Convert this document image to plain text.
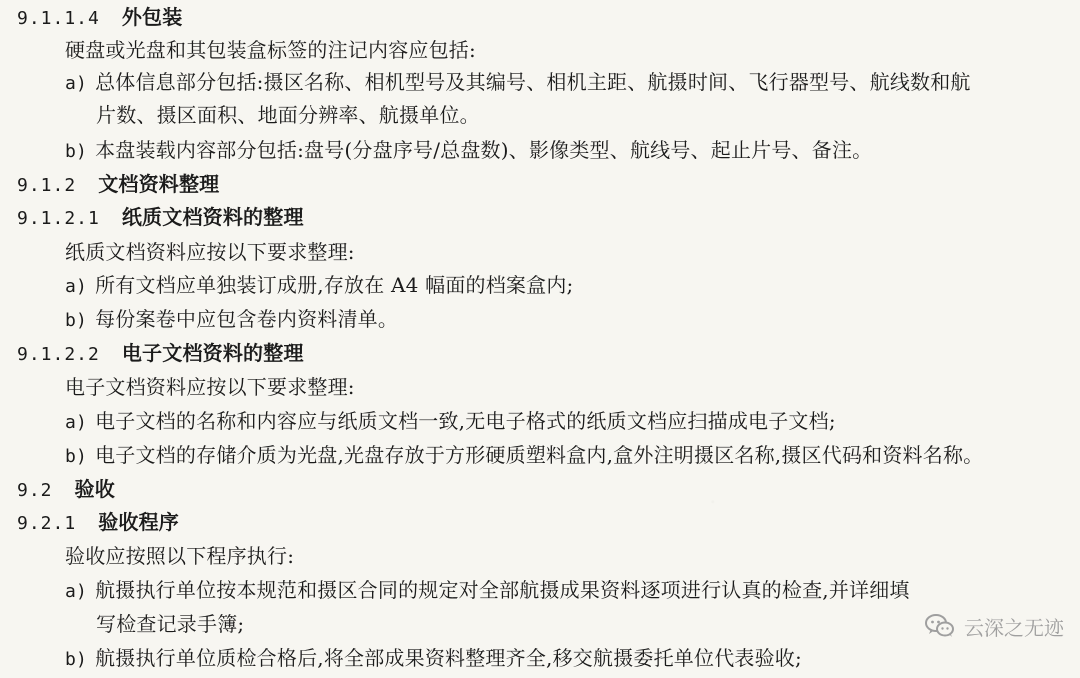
9.1.1.4 外包装
硬盘或光盘和其包装盒标签的注记内容应包括:
a) 总体信息部分包括:摄区名称、相机型号及其编号、相机主距、航摄时间、飞行器型号、航线数和航
片数、摄区面积、地面分辨率、航摄单位。
b) 本盘装载内容部分包括:盘号(分盘序号/总盘数)、影像类型、航线号、起止片号、备注。
9.1.2 文档资料整理
9.1.2.1 纸质文档资料的整理
纸质文档资料应按以下要求整理:
a) 所有文档应单独装订成册,存放在 A4 幅面的档案盒内;
b) 每份案卷中应包含卷内资料清单。
9.1.2.2 电子文档资料的整理
电子文档资料应按以下要求整理:
a) 电子文档的名称和内容应与纸质文档一致,无电子格式的纸质文档应扫描成电子文档;
b) 电子文档的存储介质为光盘,光盘存放于方形硬质塑料盒内,盒外注明摄区名称,摄区代码和资料名称。
9.2 验收
9.2.1 验收程序
验收应按照以下程序执行:
a) 航摄执行单位按本规范和摄区合同的规定对全部航摄成果资料逐项进行认真的检查,并详细填
写检查记录手簿;
b) 航摄执行单位质检合格后,将全部成果资料整理齐全,移交航摄委托单位代表验收;
云深之无迹
